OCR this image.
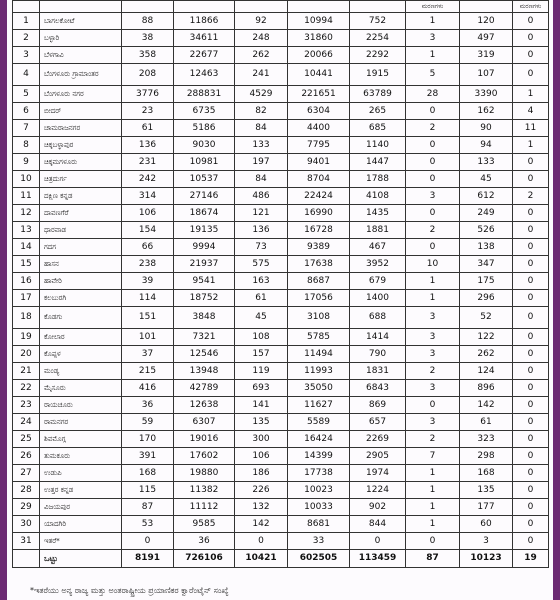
							ಮರಣಗಳು		ಮರಣಗಳು
1	ಬಾಗಲಕೋಟೆ	88	11866	92	10994	752	1	120	0
2	ಬಳ್ಳಾರಿ	38	34611	248	31860	2254	3	497	0
3	ಬೆಳಗಾವಿ	358	22677	262	20066	2292	1	319	0
4	ಬೆಂಗಳೂರು ಗ್ರಾಮಾಂತರ	208	12463	241	10441	1915	5	107	0
5	ಬೆಂಗಳೂರು ನಗರ	3776	288831	4529	221651	63789	28	3390	1
6	ಬೀದರ್	23	6735	82	6304	265	0	162	4
7	ಚಾಮರಾಜನಗರ	61	5186	84	4400	685	2	90	11
8	ಚಿಕ್ಕಬಳ್ಳಾಪುರ	136	9030	133	7795	1140	0	94	1
9	ಚಿಕ್ಕಮಗಳೂರು	231	10981	197	9401	1447	0	133	0
10	ಚಿತ್ರದುರ್ಗ	242	10537	84	8704	1788	0	45	0
11	ದಕ್ಷಿಣ ಕನ್ನಡ	314	27146	486	22424	4108	3	612	2
12	ದಾವಣಗೆರೆ	106	18674	121	16990	1435	0	249	0
13	ಧಾರವಾಡ	154	19135	136	16728	1881	2	526	0
14	ಗದಗ	66	9994	73	9389	467	0	138	0
15	ಹಾಸನ	238	21937	575	17638	3952	10	347	0
16	ಹಾವೇರಿ	39	9541	163	8687	679	1	175	0
17	ಕಲಬುರಗಿ	114	18752	61	17056	1400	1	296	0
18	ಕೊಡಗು	151	3848	45	3108	688	3	52	0
19	ಕೋಲಾರ	101	7321	108	5785	1414	3	122	0
20	ಕೊಪ್ಪಳ	37	12546	157	11494	790	3	262	0
21	ಮಂಡ್ಯ	215	13948	119	11993	1831	2	124	0
22	ಮೈಸೂರು	416	42789	693	35050	6843	3	896	0
23	ರಾಯಚೂರು	36	12638	141	11627	869	0	142	0
24	ರಾಮನಗರ	59	6307	135	5589	657	3	61	0
25	ಶಿವಮೊಗ್ಗ	170	19016	300	16424	2269	2	323	0
26	ತುಮಕೂರು	391	17602	106	14399	2905	7	298	0
27	ಉಡುಪಿ	168	19880	186	17738	1974	1	168	0
28	ಉತ್ತರ ಕನ್ನಡ	115	11382	226	10023	1224	1	135	0
29	ವಿಜಯಪುರ	87	11112	132	10033	902	1	177	0
30	ಯಾದಗಿರಿ	53	9585	142	8681	844	1	60	0
31	ಇತರೆ*	0	36	0	33	0	0	3	0
	ಒಟ್ಟು	8191	726106	10421	602505	113459	87	10123	19
*ಇತರೆಯು ಅನ್ಯ ರಾಜ್ಯ ಮತ್ತು ಅಂತರಾಷ್ಟ್ರೀಯ ಪ್ರಯಾಣಿಕರ ಕ್ವಾರೆಂಟೈನ್ ಸಂಖ್ಯೆ
